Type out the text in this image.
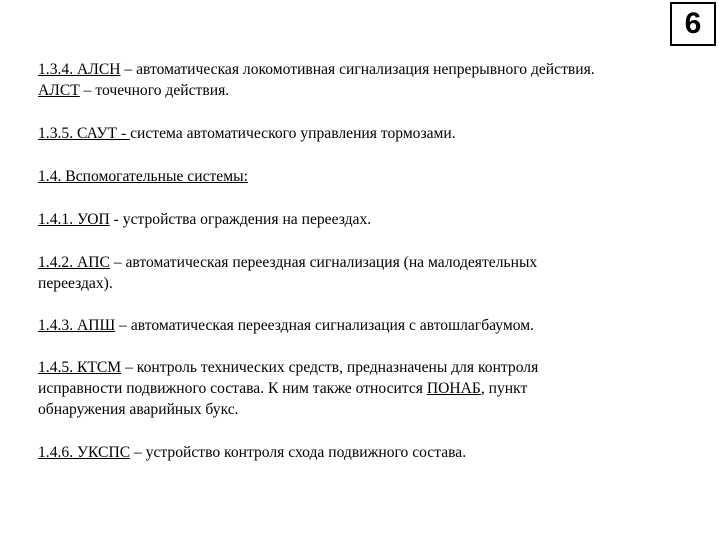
6

1.3.4. АЛСН – автоматическая локомотивная сигнализация непрерывного действия.
АЛСТ – точечного действия.

1.3.5. САУТ - система автоматического управления тормозами.

1.4. Вспомогательные системы:

1.4.1. УОП - устройства ограждения на переездах.

1.4.2. АПС – автоматическая переездная сигнализация (на малодеятельных
переездах).

1.4.3. АПШ – автоматическая переездная сигнализация с автошлагбаумом.

1.4.5. КТСМ – контроль технических средств, предназначены для контроля
исправности подвижного состава. К ним также относится ПОНАБ, пункт
обнаружения аварийных букс.

1.4.6. УКСПС – устройство контроля схода подвижного состава.
